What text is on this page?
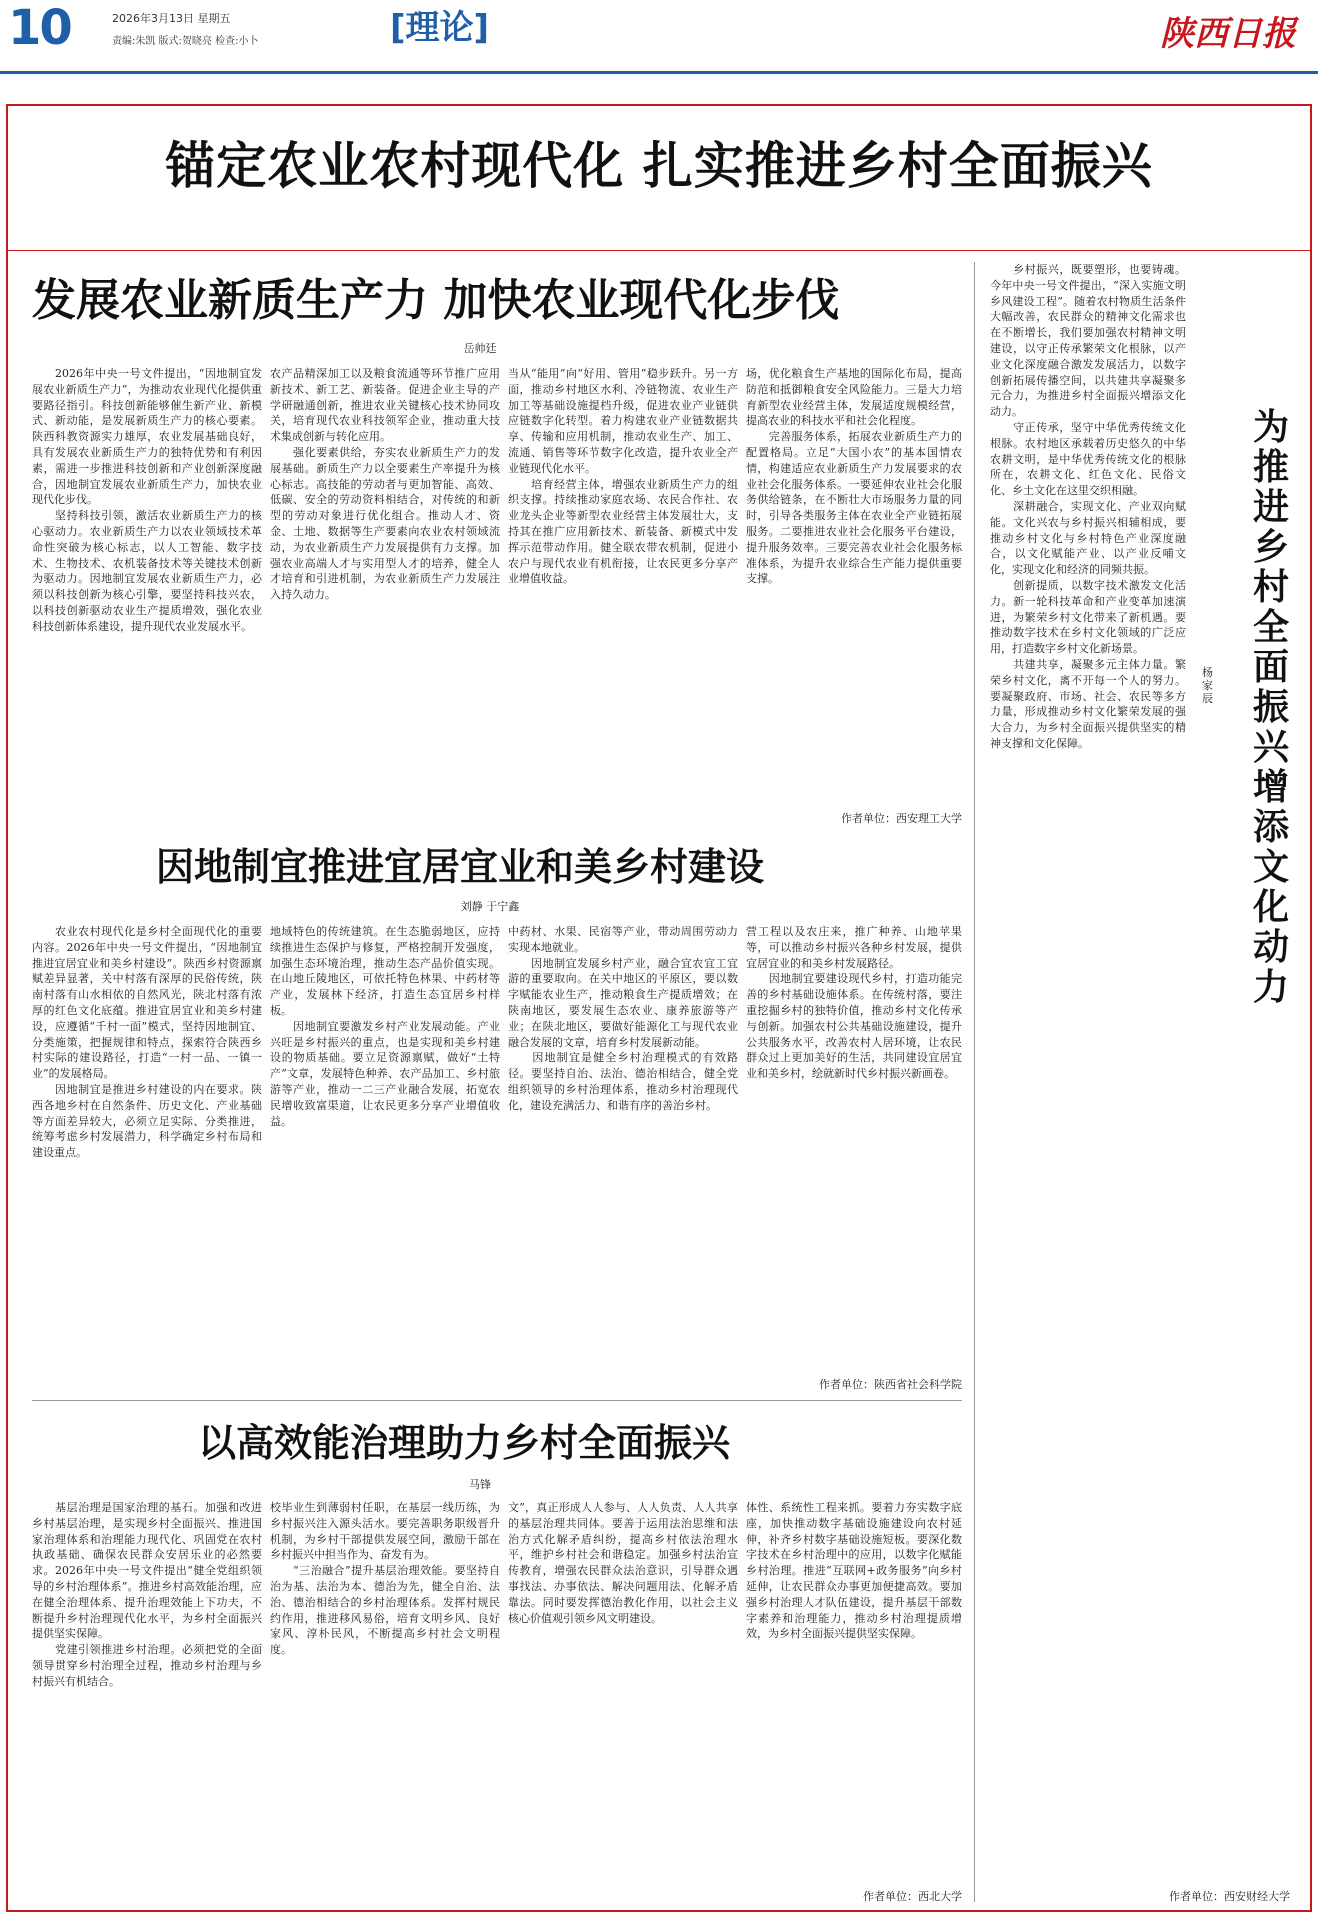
10	2026年3月13日 星期五
责编:朱凯 版式:贺晓亮 检查:小卜	[理论]	陕西日报
锚定农业农村现代化 扎实推进乡村全面振兴
发展农业新质生产力 加快农业现代化步伐
岳帅廷

　　2026年中央一号文件提出，“因地制宜发展农业新质生产力”，为推动农业现代化提供重要路径指引。科技创新能够催生新产业、新模式、新动能，是发展新质生产力的核心要素。陕西科教资源实力雄厚，农业发展基础良好，具有发展农业新质生产力的独特优势和有利因素，需进一步推进科技创新和产业创新深度融合，因地制宜发展农业新质生产力，加快农业现代化步伐。

　　坚持科技引领，激活农业新质生产力的核心驱动力。农业新质生产力以农业领域技术革命性突破为核心标志，以人工智能、数字技术、生物技术、农机装备技术等关键技术创新为驱动力。因地制宜发展农业新质生产力，必须以科技创新为核心引擎，要坚持科技兴农，以科技创新驱动农业生产提质增效，强化农业科技创新体系建设，提升现代农业发展水平。

农产品精深加工以及粮食流通等环节推广应用新技术、新工艺、新装备。促进企业主导的产学研融通创新，推进农业关键核心技术协同攻关，培育现代农业科技领军企业，推动重大技术集成创新与转化应用。

　　强化要素供给，夯实农业新质生产力的发展基础。新质生产力以全要素生产率提升为核心标志。高技能的劳动者与更加智能、高效、低碳、安全的劳动资料相结合，对传统的和新型的劳动对象进行优化组合。推动人才、资金、土地、数据等生产要素向农业农村领域流动，为农业新质生产力发展提供有力支撑。加强农业高端人才与实用型人才的培养，健全人才培育和引进机制，为农业新质生产力发展注入持久动力。

当从“能用”向“好用、管用”稳步跃升。另一方面，推动乡村地区水利、冷链物流、农业生产加工等基础设施提档升级，促进农业产业链供应链数字化转型。着力构建农业产业链数据共享、传输和应用机制，推动农业生产、加工、流通、销售等环节数字化改造，提升农业全产业链现代化水平。

　　培育经营主体，增强农业新质生产力的组织支撑。持续推动家庭农场、农民合作社、农业龙头企业等新型农业经营主体发展壮大，支持其在推广应用新技术、新装备、新模式中发挥示范带动作用。健全联农带农机制，促进小农户与现代农业有机衔接，让农民更多分享产业增值收益。

场，优化粮食生产基地的国际化布局，提高防范和抵御粮食安全风险能力。三是大力培育新型农业经营主体，发展适度规模经营，提高农业的科技水平和社会化程度。

　　完善服务体系，拓展农业新质生产力的配置格局。立足“大国小农”的基本国情农情，构建适应农业新质生产力发展要求的农业社会化服务体系。一要延伸农业社会化服务供给链条，在不断壮大市场服务力量的同时，引导各类服务主体在农业全产业链拓展服务。二要推进农业社会化服务平台建设，提升服务效率。三要完善农业社会化服务标准体系，为提升农业综合生产能力提供重要支撑。

作者单位：西安理工大学
因地制宜推进宜居宜业和美乡村建设
刘静 于宁鑫

　　农业农村现代化是乡村全面现代化的重要内容。2026年中央一号文件提出，“因地制宜推进宜居宜业和美乡村建设”。陕西乡村资源禀赋差异显著，关中村落有深厚的民俗传统，陕南村落有山水相依的自然风光，陕北村落有浓厚的红色文化底蕴。推进宜居宜业和美乡村建设，应遵循“千村一面”模式，坚持因地制宜、分类施策，把握规律和特点，探索符合陕西乡村实际的建设路径，打造“一村一品、一镇一业”的发展格局。

　　因地制宜是推进乡村建设的内在要求。陕西各地乡村在自然条件、历史文化、产业基础等方面差异较大，必须立足实际、分类推进，统筹考虑乡村发展潜力，科学确定乡村布局和建设重点。

地域特色的传统建筑。在生态脆弱地区，应持续推进生态保护与修复，严格控制开发强度，加强生态环境治理，推动生态产品价值实现。在山地丘陵地区，可依托特色林果、中药材等产业，发展林下经济，打造生态宜居乡村样板。

　　因地制宜要激发乡村产业发展动能。产业兴旺是乡村振兴的重点，也是实现和美乡村建设的物质基础。要立足资源禀赋，做好“土特产”文章，发展特色种养、农产品加工、乡村旅游等产业，推动一二三产业融合发展，拓宽农民增收致富渠道，让农民更多分享产业增值收益。

中药材、水果、民宿等产业，带动周围劳动力实现本地就业。

　　因地制宜发展乡村产业，融合宜农宜工宜游的重要取向。在关中地区的平原区，要以数字赋能农业生产，推动粮食生产提质增效；在陕南地区，要发展生态农业、康养旅游等产业；在陕北地区，要做好能源化工与现代农业融合发展的文章，培育乡村发展新动能。

　　因地制宜是健全乡村治理模式的有效路径。要坚持自治、法治、德治相结合，健全党组织领导的乡村治理体系，推动乡村治理现代化，建设充满活力、和谐有序的善治乡村。

营工程以及农庄来，推广种养、山地苹果等，可以推动乡村振兴各种乡村发展，提供宜居宜业的和美乡村发展路径。

　　因地制宜要建设现代乡村，打造功能完善的乡村基础设施体系。在传统村落，要注重挖掘乡村的独特价值，推动乡村文化传承与创新。加强农村公共基础设施建设，提升公共服务水平，改善农村人居环境，让农民群众过上更加美好的生活，共同建设宜居宜业和美乡村，绘就新时代乡村振兴新画卷。

作者单位：陕西省社会科学院
以高效能治理助力乡村全面振兴
马锋

　　基层治理是国家治理的基石。加强和改进乡村基层治理，是实现乡村全面振兴、推进国家治理体系和治理能力现代化、巩固党在农村执政基础、确保农民群众安居乐业的必然要求。2026年中央一号文件提出“健全党组织领导的乡村治理体系”。推进乡村高效能治理，应在健全治理体系、提升治理效能上下功夫，不断提升乡村治理现代化水平，为乡村全面振兴提供坚实保障。

　　党建引领推进乡村治理。必须把党的全面领导贯穿乡村治理全过程，推动乡村治理与乡村振兴有机结合。

校毕业生到薄弱村任职，在基层一线历练，为乡村振兴注入源头活水。要完善职务职级晋升机制，为乡村干部提供发展空间，激励干部在乡村振兴中担当作为、奋发有为。

　　“三治融合”提升基层治理效能。要坚持自治为基、法治为本、德治为先，健全自治、法治、德治相结合的乡村治理体系。发挥村规民约作用，推进移风易俗，培育文明乡风、良好家风、淳朴民风，不断提高乡村社会文明程度。

文”，真正形成人人参与、人人负责、人人共享的基层治理共同体。要善于运用法治思维和法治方式化解矛盾纠纷，提高乡村依法治理水平，维护乡村社会和谐稳定。加强乡村法治宣传教育，增强农民群众法治意识，引导群众遇事找法、办事依法、解决问题用法、化解矛盾靠法。同时要发挥德治教化作用，以社会主义核心价值观引领乡风文明建设。

体性、系统性工程来抓。要着力夯实数字底座，加快推动数字基础设施建设向农村延伸，补齐乡村数字基础设施短板。要深化数字技术在乡村治理中的应用，以数字化赋能乡村治理。推进“互联网+政务服务”向乡村延伸，让农民群众办事更加便捷高效。要加强乡村治理人才队伍建设，提升基层干部数字素养和治理能力，推动乡村治理提质增效，为乡村全面振兴提供坚实保障。

作者单位：西北大学
为推进乡村全面振兴增添文化动力
杨家辰

　　乡村振兴，既要塑形，也要铸魂。今年中央一号文件提出，“深入实施文明乡风建设工程”。随着农村物质生活条件大幅改善，农民群众的精神文化需求也在不断增长，我们要加强农村精神文明建设，以守正传承繁荣文化根脉，以产业文化深度融合激发发展活力，以数字创新拓展传播空间，以共建共享凝聚多元合力，为推进乡村全面振兴增添文化动力。

　　守正传承，坚守中华优秀传统文化根脉。农村地区承载着历史悠久的中华农耕文明，是中华优秀传统文化的根脉所在，农耕文化、红色文化、民俗文化、乡土文化在这里交织相融。

　　深耕融合，实现文化、产业双向赋能。文化兴农与乡村振兴相辅相成，要推动乡村文化与乡村特色产业深度融合，以文化赋能产业、以产业反哺文化，实现文化和经济的同频共振。

　　创新提质，以数字技术激发文化活力。新一轮科技革命和产业变革加速演进，为繁荣乡村文化带来了新机遇。要推动数字技术在乡村文化领域的广泛应用，打造数字乡村文化新场景。

　　共建共享，凝聚多元主体力量。繁荣乡村文化，离不开每一个人的努力。要凝聚政府、市场、社会、农民等多方力量，形成推动乡村文化繁荣发展的强大合力，为乡村全面振兴提供坚实的精神支撑和文化保障。

作者单位：西安财经大学
